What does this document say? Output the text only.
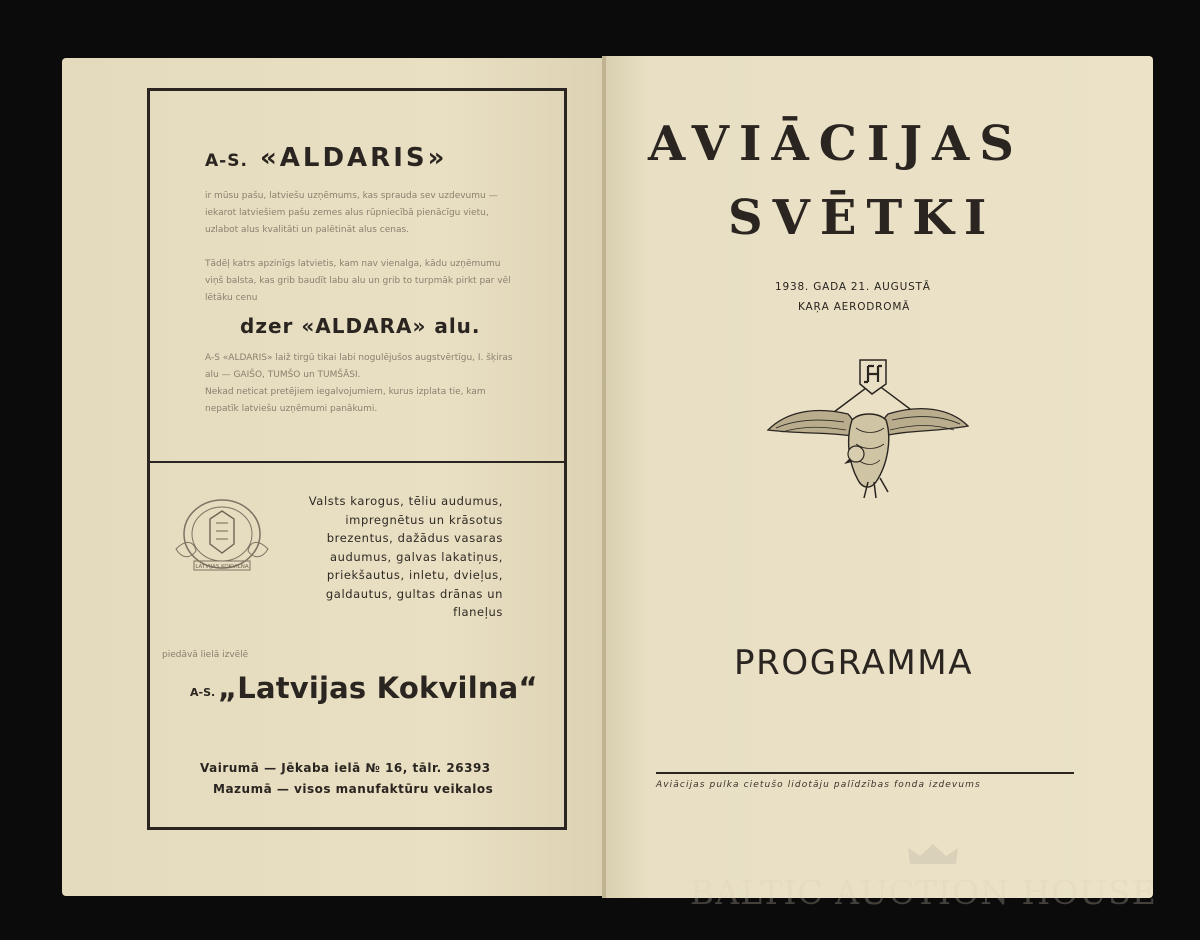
A-S. «ALDARIS»
ir mūsu pašu, latviešu uzņēmums, kas sprauda sev uzdevumu — iekarot latviešiem pašu zemes alus rūpniecībā pienācīgu vietu, uzlabot alus kvalitāti un palētināt alus cenas.
Tādēļ katrs apzinīgs latvietis, kam nav vienalga, kādu uzņēmumu viņš balsta, kas grib baudīt labu alu un grib to turpmāk pirkt par vēl lētāku cenu
dzer «ALDARA» alu.
A-S «ALDARIS» laiž tirgū tikai labi nogulējušos augstvērtīgu, I. šķiras alu — GAIŠO, TUMŠO un TUMŠĀSI.
Nekad neticat pretējiem iegalvojumiem, kurus izplata tie, kam nepatīk latviešu uzņēmumi panākumi.
LATVIJAS KOKVILNA
Valsts karogus, tēliu audumus, impregnētus un krāsotus brezentus, dažādus vasaras audumus, galvas lakatiņus, priekšautus, inletu, dvieļus, galdautus, gultas drānas un flaneļus
piedāvā lielā izvēlē
A-S. „Latvijas Kokvilna“
Vairumā — Jēkaba ielā № 16, tālr. 26393
Mazumā — visos manufaktūru veikalos
AVIĀCIJAS
SVĒTKI
1938. GADA 21. AUGUSTĀ
KAŖA AERODROMĀ
PROGRAMMA
Aviācijas pulka cietušo lidotāju palīdzības fonda izdevums
BALTIC AUCTION HOUSE
